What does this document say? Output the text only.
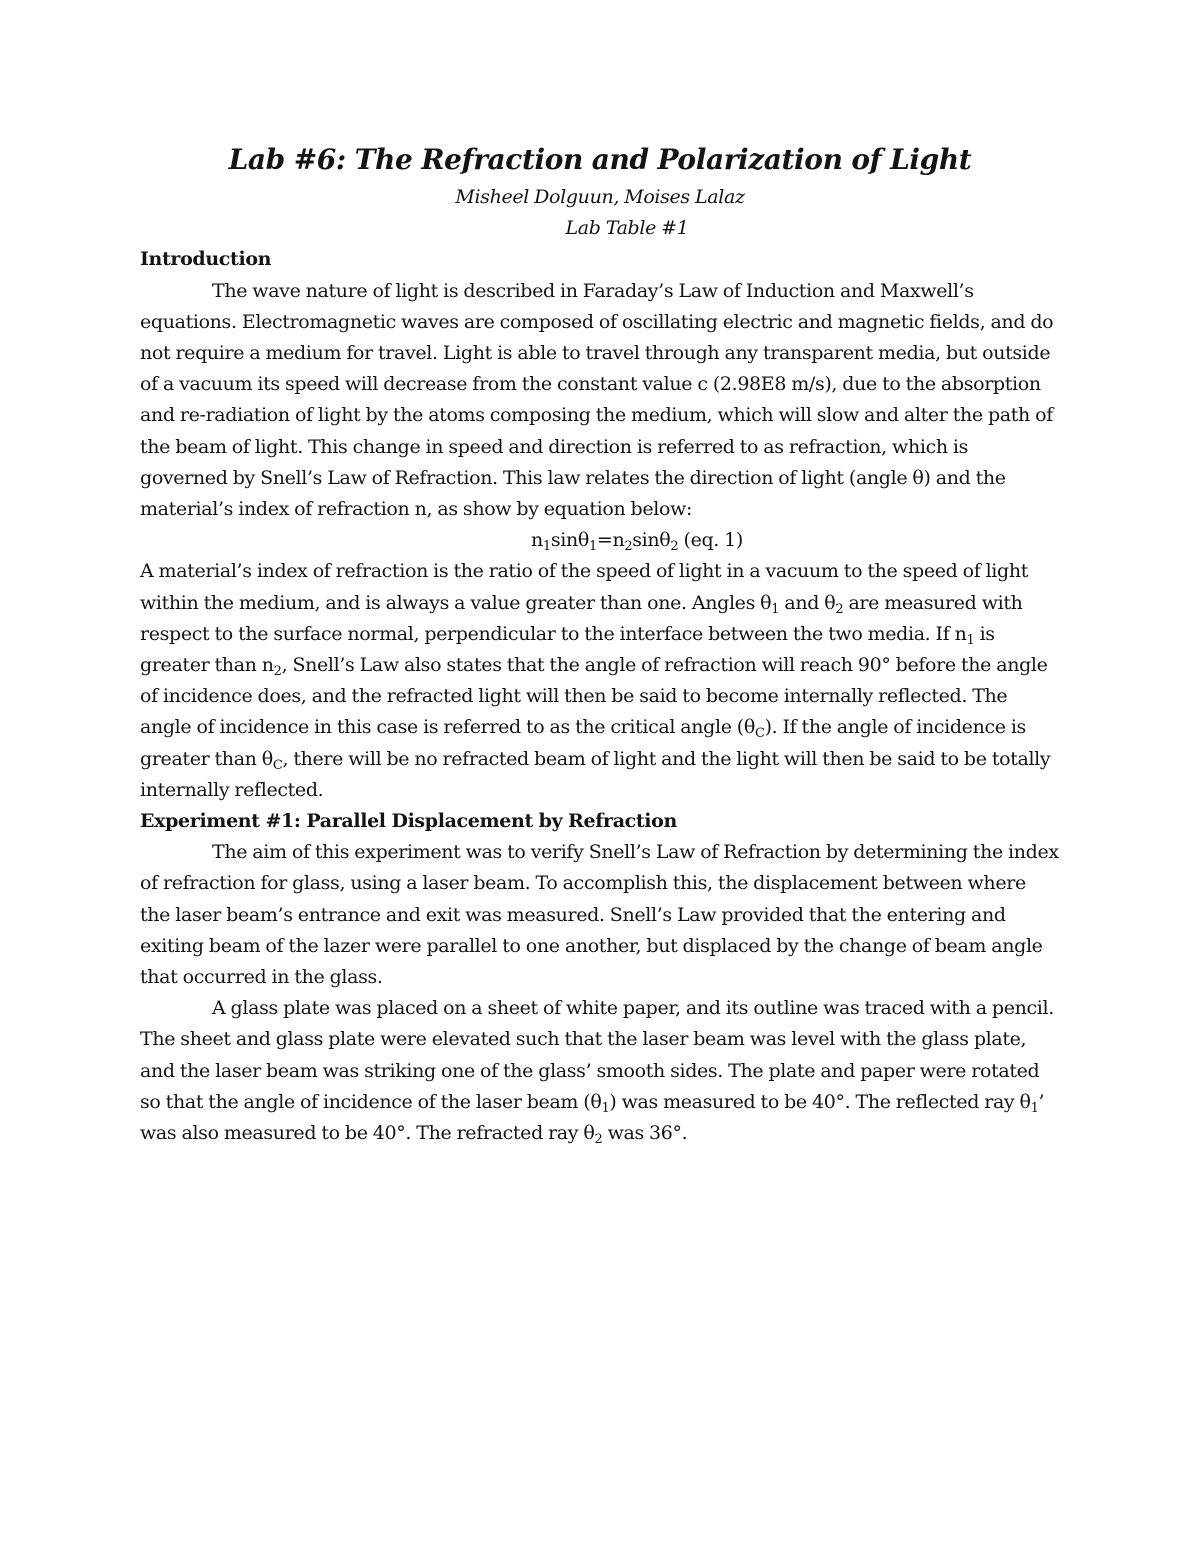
Lab #6: The Refraction and Polarization of Light
Misheel Dolguun, Moises Lalaz
Lab Table #1
Introduction

The wave nature of light is described in Faraday’s Law of Induction and Maxwell’s equations. Electromagnetic waves are composed of oscillating electric and magnetic fields, and do not require a medium for travel. Light is able to travel through any transparent media, but outside of a vacuum its speed will decrease from the constant value c (2.98E8 m/s), due to the absorption and re-radiation of light by the atoms composing the medium, which will slow and alter the path of the beam of light. This change in speed and direction is referred to as refraction, which is governed by Snell’s Law of Refraction. This law relates the direction of light (angle θ) and the material’s index of refraction n, as show by equation below:

$n_1\sin\theta_1=n_2\sin\theta_2$ (eq. 1)

A material’s index of refraction is the ratio of the speed of light in a vacuum to the speed of light within the medium, and is always a value greater than one. Angles $\theta_1$ and $\theta_2$ are measured with respect to the surface normal, perpendicular to the interface between the two media. If $n_1$ is greater than $n_2$, Snell’s Law also states that the angle of refraction will reach 90° before the angle of incidence does, and the refracted light will then be said to become internally reflected. The angle of incidence in this case is referred to as the critical angle $(\theta_C)$. If the angle of incidence is greater than $\theta_C$, there will be no refracted beam of light and the light will then be said to be totally internally reflected.

Experiment #1: Parallel Displacement by Refraction

The aim of this experiment was to verify Snell’s Law of Refraction by determining the index of refraction for glass, using a laser beam. To accomplish this, the displacement between where the laser beam’s entrance and exit was measured. Snell’s Law provided that the entering and exiting beam of the lazer were parallel to one another, but displaced by the change of beam angle that occurred in the glass.

A glass plate was placed on a sheet of white paper, and its outline was traced with a pencil. The sheet and glass plate were elevated such that the laser beam was level with the glass plate, and the laser beam was striking one of the glass’ smooth sides. The plate and paper were rotated so that the angle of incidence of the laser beam $(\theta_1)$ was measured to be 40°. The reflected ray $\theta_1$’ was also measured to be 40°. The refracted ray $\theta_2$ was 36°.
